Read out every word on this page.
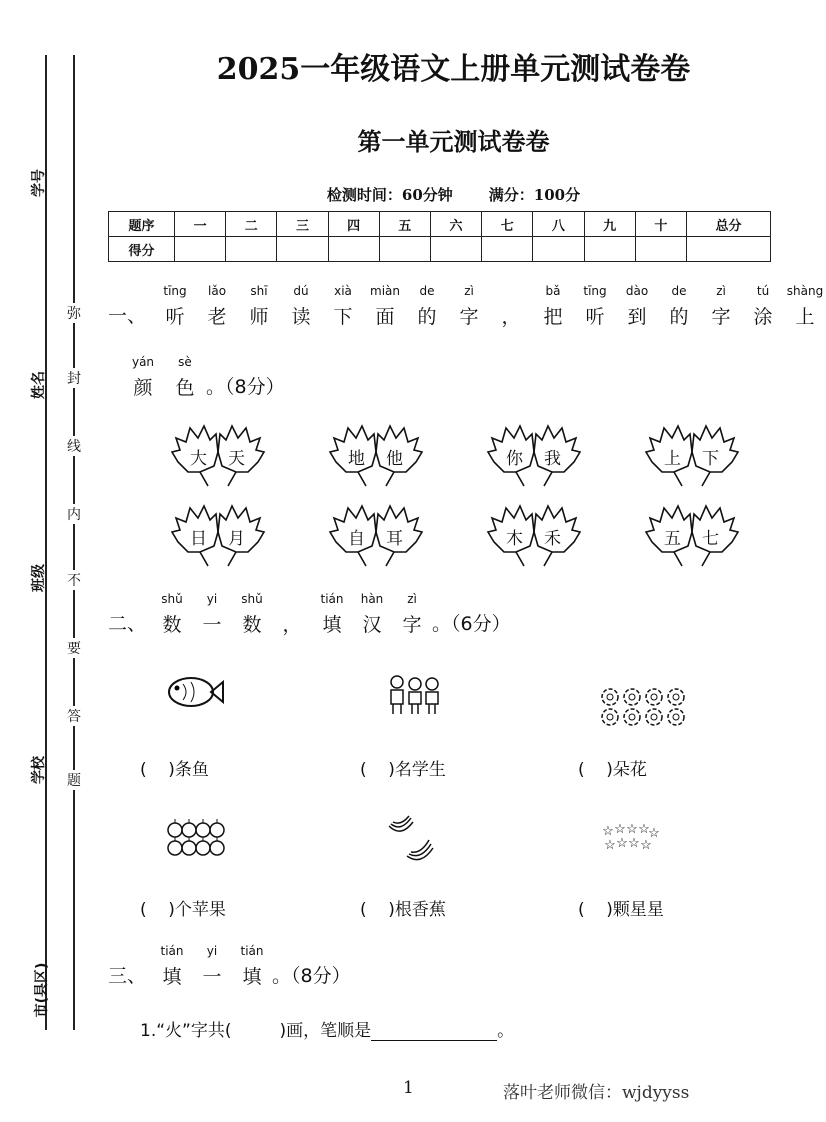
学号
姓名
班级
学校
市(县区)
弥
封
线
内
不
要
答
题
2025一年级语文上册单元测试卷卷
第一单元测试卷卷
检测时间：60分钟 满分：100分
题序	一	二	三	四	五	六	七	八	九	十	总分
得分											
一、
tīng
听
lǎo
老
shī
师
dú
读
xià
下
miàn
面
de
的
zì
字 ，
bǎ
把
tīng
听
dào
到
de
的
zì
字
tú
涂
shàng
上
yán
颜
sè
色 。（8分）
大 天	地 他	你 我	上 下
日 月	自 耳	木 禾	五 七
二、
shǔ
数
yi
一
shǔ
数 ，
tián
填
hàn
汉
zì
字 。（6分）
☆ ☆ ☆ ☆
☆
☆ ☆ ☆ ☆
(    )条鱼	(    )名学生	(    )朵花
(    )个苹果	(    )根香蕉	(    )颗星星
三、
tián
填
yi
一
tián
填 。（8分）
1.“火”字共(	)画，笔顺是	。
1	落叶老师微信：wjdyyss
